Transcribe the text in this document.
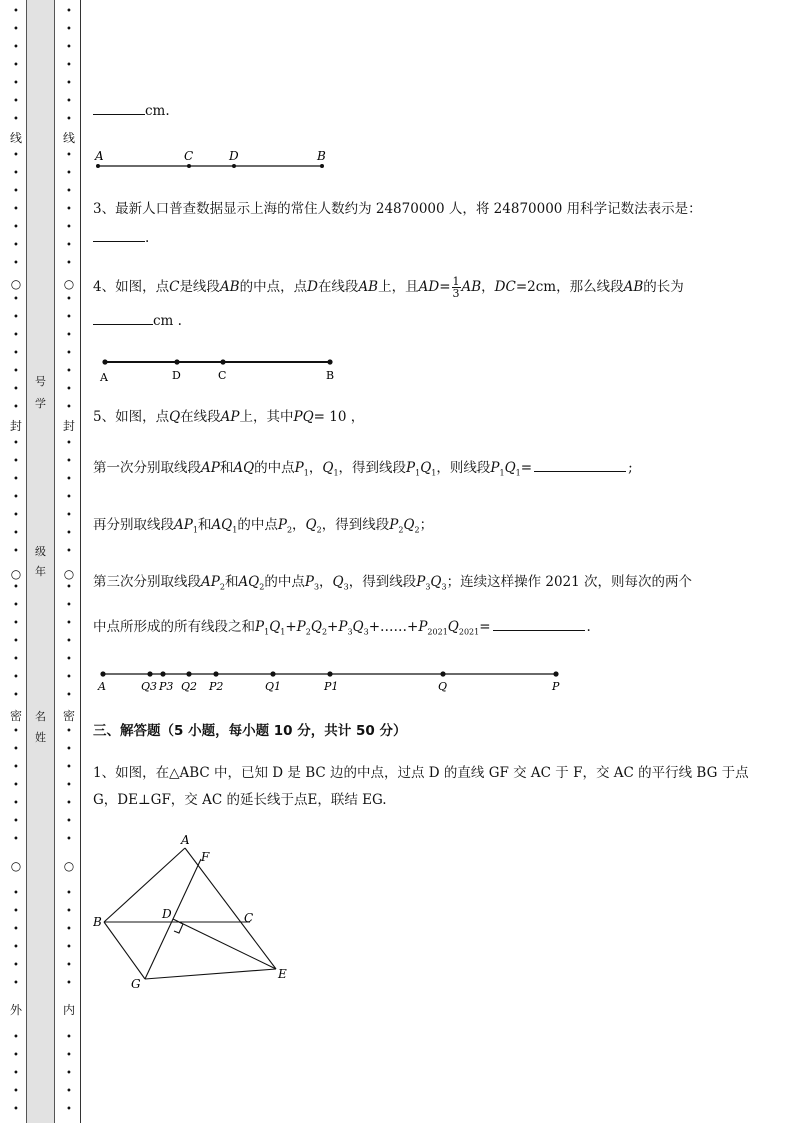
•
•
•
•
•
•
•
•
•
•
•
•
•
•
•
•
•
•
•
•
•
•
•
•
•
•
•
•
•
•
•
•
•
•
•
•
•
•
•
•
•
•
•
•
•
•
•
•
•
•
•
•
•
线
封
密
外
○
○
○
号
学
级
年
名
姓
•
•
•
•
•
•
•
•
•
•
•
•
•
•
•
•
•
•
•
•
•
•
•
•
•
•
•
•
•
•
•
•
•
•
•
•
•
•
•
•
•
•
•
•
•
•
•
•
•
•
•
•
•
线
封
密
内
○
○
○
cm.
A	C	D	B
3、最新人口普查数据显示上海的常住人数约为 24870000 人，将 24870000 用科学记数法表示是：
.
4、如图，点C是线段AB的中点，点D在线段AB上，且$AD= \frac{1}{3}$ AB，DC=2cm，那么线段AB的长为
cm .
A	D	C	B
5、如图，点Q在线段AP上，其中PQ= 10 ，
第一次分别取线段AP和AQ的中点$P_1$，$Q_1$，得到线段$P_1Q_1$，则线段$P_1Q_1=$	;
再分别取线段$AP_1$和$AQ_1$的中点$P_2$，$Q_2$，得到线段$P_2Q_2$；
第三次分别取线段$AP_2$和$AQ_2$的中点$P_3$，$Q_3$，得到线段$P_3Q_3$；连续这样操作 2021 次，则每次的两个
中点所形成的所有线段之和$P_1Q_1+P_2Q_2+P_3Q_3+\dots\dots+P_{2021}Q_{2021}=$	.
A	Q3 P3 Q2 P2	Q1	P1	Q	P
三、解答题（5 小题，每小题 10 分，共计 50 分）
1、如图，在△ABC 中，已知 D 是 BC 边的中点，过点 D 的直线 GF 交 AC 于 F，交 AC 的平行线 BG 于点
G，DE⊥GF，交 AC 的延长线于点E，联结 EG.
A
F
B
D	C
G
E
